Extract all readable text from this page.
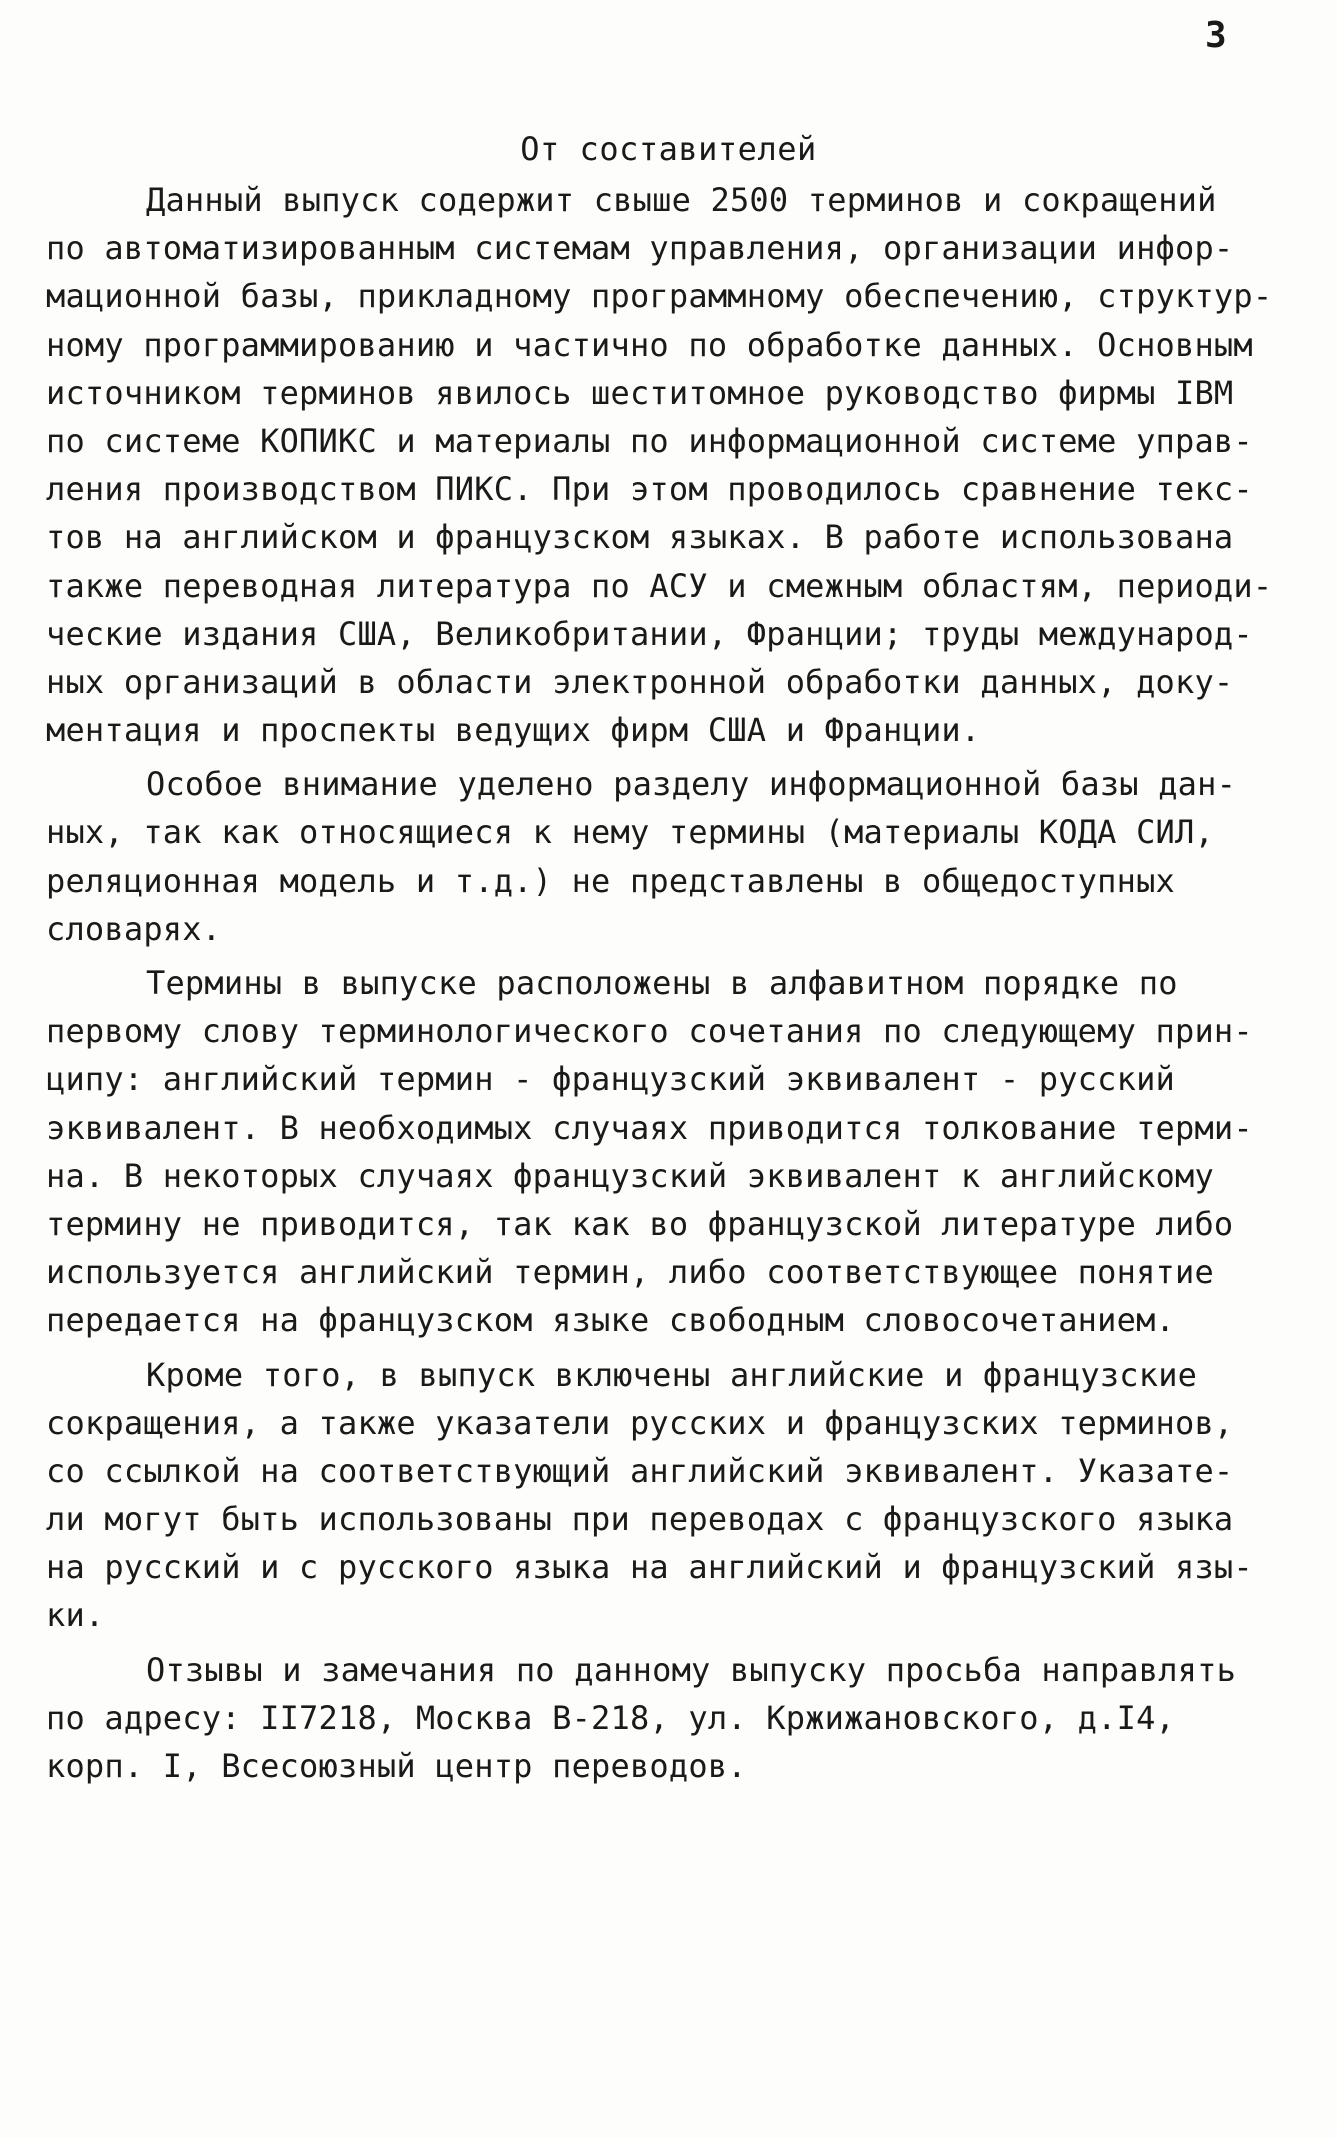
3
От составителей
Данный выпуск содержит свыше 2500 терминов и сокращений
по автоматизированным системам управления, организации инфор-
мационной базы, прикладному программному обеспечению, структур-
ному программированию и частично по обработке данных. Основным
источником терминов явилось шеститомное руководство фирмы IBM
по системе КОПИКС и материалы по информационной системе управ-
ления производством ПИКС. При этом проводилось сравнение текс-
тов на английском и французском языках. В работе использована
также переводная литература по АСУ и смежным областям, периоди-
ческие издания США, Великобритании, Франции; труды международ-
ных организаций в области электронной обработки данных, доку-
ментация и проспекты ведущих фирм США и Франции.
Особое внимание уделено разделу информационной базы дан-
ных, так как относящиеся к нему термины (материалы КОДА СИЛ,
реляционная модель и т.д.) не представлены в общедоступных
словарях.
Термины в выпуске расположены в алфавитном порядке по
первому слову терминологического сочетания по следующему прин-
ципу: английский термин - французский эквивалент - русский
эквивалент. В необходимых случаях приводится толкование терми-
на. В некоторых случаях французский эквивалент к английскому
термину не приводится, так как во французской литературе либо
используется английский термин, либо соответствующее понятие
передается на французском языке свободным словосочетанием.
Кроме того, в выпуск включены английские и французские
сокращения, а также указатели русских и французских терминов,
со ссылкой на соответствующий английский эквивалент. Указате-
ли могут быть использованы при переводах с французского языка
на русский и с русского языка на английский и французский язы-
ки.
Отзывы и замечания по данному выпуску просьба направлять
по адресу: II7218, Москва В-218, ул. Кржижановского, д.I4,
корп. I, Всесоюзный центр переводов.
